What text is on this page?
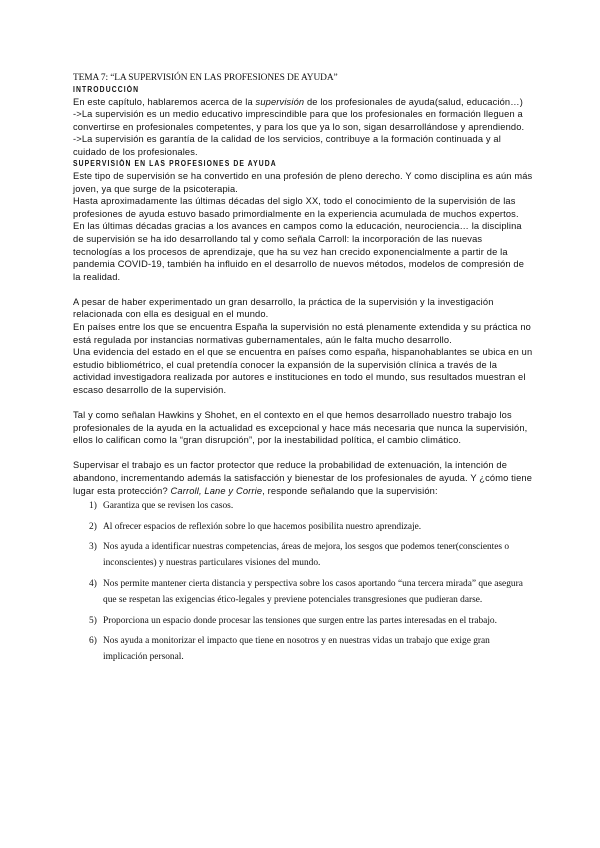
TEMA 7: “LA SUPERVISIÓN EN LAS PROFESIONES DE AYUDA”
INTRODUCCIÓN

En este capítulo, hablaremos acerca de la supervisión de los profesionales de ayuda(salud, educación…)

->La supervisión es un medio educativo imprescindible para que los profesionales en formación lleguen a convertirse en profesionales competentes, y para los que ya lo son, sigan desarrollándose y aprendiendo.

->La supervisión es garantía de la calidad de los servicios, contribuye a la formación continuada y al cuidado de los profesionales.

SUPERVISIÓN EN LAS PROFESIONES DE AYUDA

Este tipo de supervisión se ha convertido en una profesión de pleno derecho. Y como disciplina es aún más joven, ya que surge de la psicoterapia.

Hasta aproximadamente las últimas décadas del siglo XX, todo el conocimiento de la supervisión de las profesiones de ayuda estuvo basado primordialmente en la experiencia acumulada de muchos expertos.

En las últimas décadas gracias a los avances en campos como la educación, neurociencia… la disciplina de supervisión se ha ido desarrollando tal y como señala Carroll: la incorporación de las nuevas tecnologías a los procesos de aprendizaje, que ha su vez han crecido exponencialmente a partir de la pandemia COVID-19, también ha influido en el desarrollo de nuevos métodos, modelos de compresión de la realidad.

A pesar de haber experimentado un gran desarrollo, la práctica de la supervisión y la investigación relacionada con ella es desigual en el mundo.

En países entre los que se encuentra España la supervisión no está plenamente extendida y su práctica no está regulada por instancias normativas gubernamentales, aún le falta mucho desarrollo.

Una evidencia del estado en el que se encuentra en países como españa, hispanohablantes se ubica en un estudio bibliométrico, el cual pretendía conocer la expansión de la supervisión clínica a través de la actividad investigadora realizada por autores e instituciones en todo el mundo, sus resultados muestran el escaso desarrollo de la supervisión.

Tal y como señalan Hawkins y Shohet, en el contexto en el que hemos desarrollado nuestro trabajo los profesionales de la ayuda en la actualidad es excepcional y hace más necesaria que nunca la supervisión, ellos lo califican como la “gran disrupción”, por la inestabilidad política, el cambio climático.

Supervisar el trabajo es un factor protector que reduce la probabilidad de extenuación, la intención de abandono, incrementando además la satisfacción y bienestar de los profesionales de ayuda. Y ¿cómo tiene lugar esta protección? Carroll, Lane y Corrie, responde señalando que la supervisión:

1) Garantiza que se revisen los casos.
2) Al ofrecer espacios de reflexión sobre lo que hacemos posibilita nuestro aprendizaje.
3) Nos ayuda a identificar nuestras competencias, áreas de mejora, los sesgos que podemos tener(conscientes o inconscientes) y nuestras particulares visiones del mundo.
4) Nos permite mantener cierta distancia y perspectiva sobre los casos aportando “una tercera mirada” que asegura que se respetan las exigencias ético-legales y previene potenciales transgresiones que pudieran darse.
5) Proporciona un espacio donde procesar las tensiones que surgen entre las partes interesadas en el trabajo.
6) Nos ayuda a monitorizar el impacto que tiene en nosotros y en nuestras vidas un trabajo que exige gran implicación personal.
